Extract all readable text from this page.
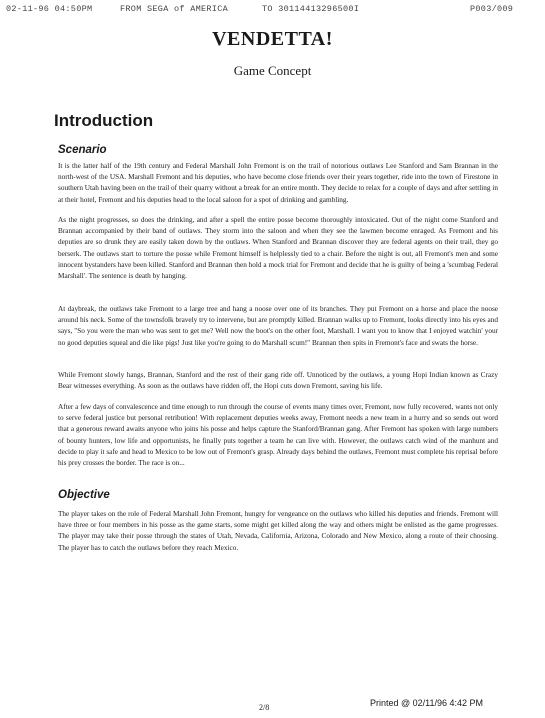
02-11-96 04:50PM	FROM SEGA of AMERICA	TO 30114413296500I	P003/009
VENDETTA!
Game Concept
Introduction
Scenario
It is the latter half of the 19th century and Federal Marshall John Fremont is on the trail of notorious outlaws Lee Stanford and Sam Brannan in the north-west of the USA. Marshall Fremont and his deputies, who have become close friends over their years together, ride into the town of Firestone in southern Utah having been on the trail of their quarry without a break for an entire month. They decide to relax for a couple of days and after settling in at their hotel, Fremont and his deputies head to the local saloon for a spot of drinking and gambling.
As the night progresses, so does the drinking, and after a spell the entire posse become thoroughly intoxicated. Out of the night come Stanford and Brannan accompanied by their band of outlaws. They storm into the saloon and when they see the lawmen become enraged. As Fremont and his deputies are so drunk they are easily taken down by the outlaws. When Stanford and Brannan discover they are federal agents on their trail, they go berserk. The outlaws start to torture the posse while Fremont himself is helplessly tied to a chair. Before the night is out, all Fremont's men and some innocent bystanders have been killed. Stanford and Brannan then hold a mock trial for Fremont and decide that he is guilty of being a 'scumbag Federal Marshall'. The sentence is death by hanging.
At daybreak, the outlaws take Fremont to a large tree and hang a noose over one of its branches. They put Fremont on a horse and place the noose around his neck. Some of the townsfolk bravely try to intervene, but are promptly killed. Brannan walks up to Fremont, looks directly into his eyes and says, "So you were the man who was sent to get me? Well now the boot's on the other foot, Marshall. I want you to know that I enjoyed watchin' your no good deputies squeal and die like pigs! Just like you're going to do Marshall scum!" Brannan then spits in Fremont's face and swats the horse.
While Fremont slowly hangs, Brannan, Stanford and the rest of their gang ride off. Unnoticed by the outlaws, a young Hopi Indian known as Crazy Bear witnesses everything. As soon as the outlaws have ridden off, the Hopi cuts down Fremont, saving his life.
After a few days of convalescence and time enough to run through the course of events many times over, Fremont, now fully recovered, wants not only to serve federal justice but personal retribution! With replacement deputies weeks away, Fremont needs a new team in a hurry and so sends out word that a generous reward awaits anyone who joins his posse and helps capture the Stanford/Brannan gang. After Fremont has spoken with large numbers of bounty hunters, low life and opportunists, he finally puts together a team he can live with. However, the outlaws catch wind of the manhunt and decide to play it safe and head to Mexico to be low out of Fremont's grasp. Already days behind the outlaws, Fremont must complete his reprisal before his prey crosses the border. The race is on...
Objective
The player takes on the role of Federal Marshall John Fremont, hungry for vengeance on the outlaws who killed his deputies and friends. Fremont will have three or four members in his posse as the game starts, some might get killed along the way and others might be enlisted as the game progresses. The player may take their posse through the states of Utah, Nevada, California, Arizona, Colorado and New Mexico, along a route of their choosing. The player has to catch the outlaws before they reach Mexico.
2/8	Printed @ 02/11/96 4:42 PM
